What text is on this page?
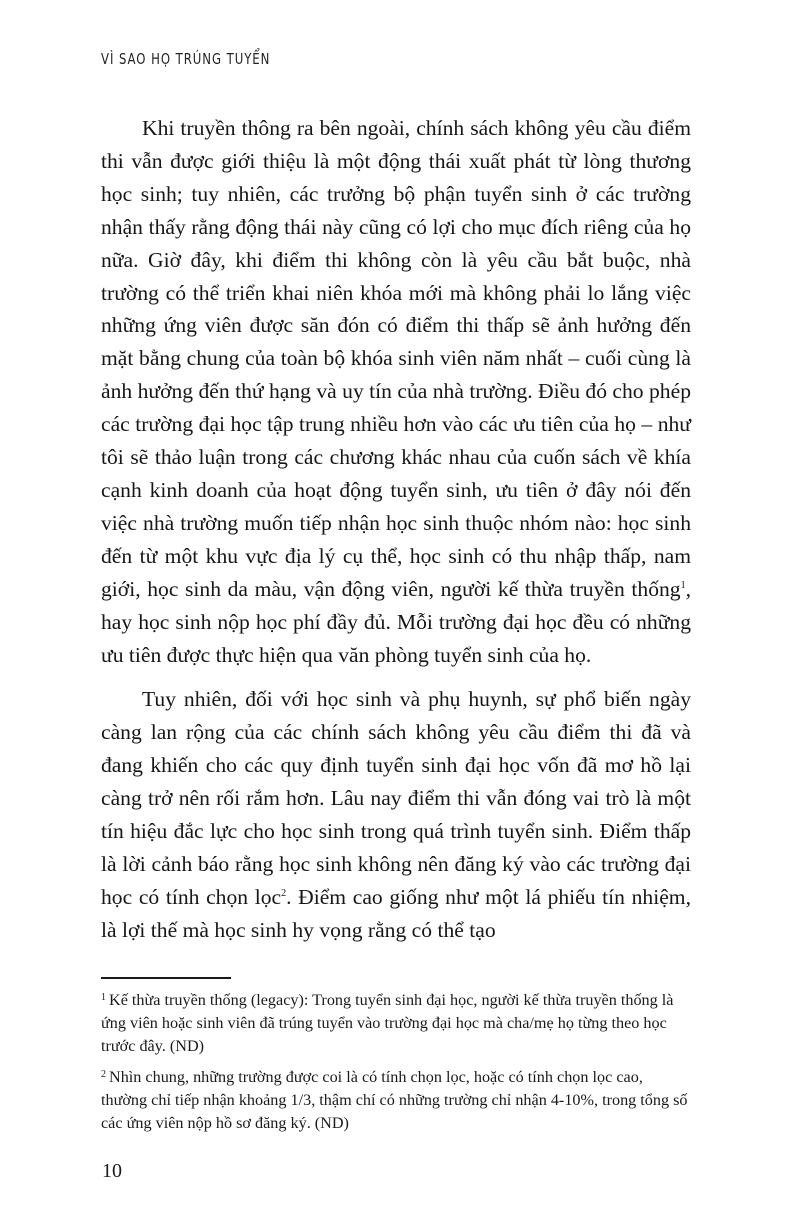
VÌ SAO HỌ TRÚNG TUYỂN

Khi truyền thông ra bên ngoài, chính sách không yêu cầu điểm thi vẫn được giới thiệu là một động thái xuất phát từ lòng thương học sinh; tuy nhiên, các trưởng bộ phận tuyển sinh ở các trường nhận thấy rằng động thái này cũng có lợi cho mục đích riêng của họ nữa. Giờ đây, khi điểm thi không còn là yêu cầu bắt buộc, nhà trường có thể triển khai niên khóa mới mà không phải lo lắng việc những ứng viên được săn đón có điểm thi thấp sẽ ảnh hưởng đến mặt bằng chung của toàn bộ khóa sinh viên năm nhất – cuối cùng là ảnh hưởng đến thứ hạng và uy tín của nhà trường. Điều đó cho phép các trường đại học tập trung nhiều hơn vào các ưu tiên của họ – như tôi sẽ thảo luận trong các chương khác nhau của cuốn sách về khía cạnh kinh doanh của hoạt động tuyển sinh, ưu tiên ở đây nói đến việc nhà trường muốn tiếp nhận học sinh thuộc nhóm nào: học sinh đến từ một khu vực địa lý cụ thể, học sinh có thu nhập thấp, nam giới, học sinh da màu, vận động viên, người kế thừa truyền thống$^1$, hay học sinh nộp học phí đầy đủ. Mỗi trường đại học đều có những ưu tiên được thực hiện qua văn phòng tuyển sinh của họ.

Tuy nhiên, đối với học sinh và phụ huynh, sự phổ biến ngày càng lan rộng của các chính sách không yêu cầu điểm thi đã và đang khiến cho các quy định tuyển sinh đại học vốn đã mơ hồ lại càng trở nên rối rắm hơn. Lâu nay điểm thi vẫn đóng vai trò là một tín hiệu đắc lực cho học sinh trong quá trình tuyển sinh. Điểm thấp là lời cảnh báo rằng học sinh không nên đăng ký vào các trường đại học có tính chọn lọc$^2$. Điểm cao giống như một lá phiếu tín nhiệm, là lợi thế mà học sinh hy vọng rằng có thể tạo

$^1$ Kế thừa truyền thống (legacy): Trong tuyển sinh đại học, người kế thừa truyền thống là ứng viên hoặc sinh viên đã trúng tuyển vào trường đại học mà cha/mẹ họ từng theo học trước đây. (ND)

$^2$ Nhìn chung, những trường được coi là có tính chọn lọc, hoặc có tính chọn lọc cao, thường chỉ tiếp nhận khoảng 1/3, thậm chí có những trường chỉ nhận 4-10%, trong tổng số các ứng viên nộp hồ sơ đăng ký. (ND)

10
